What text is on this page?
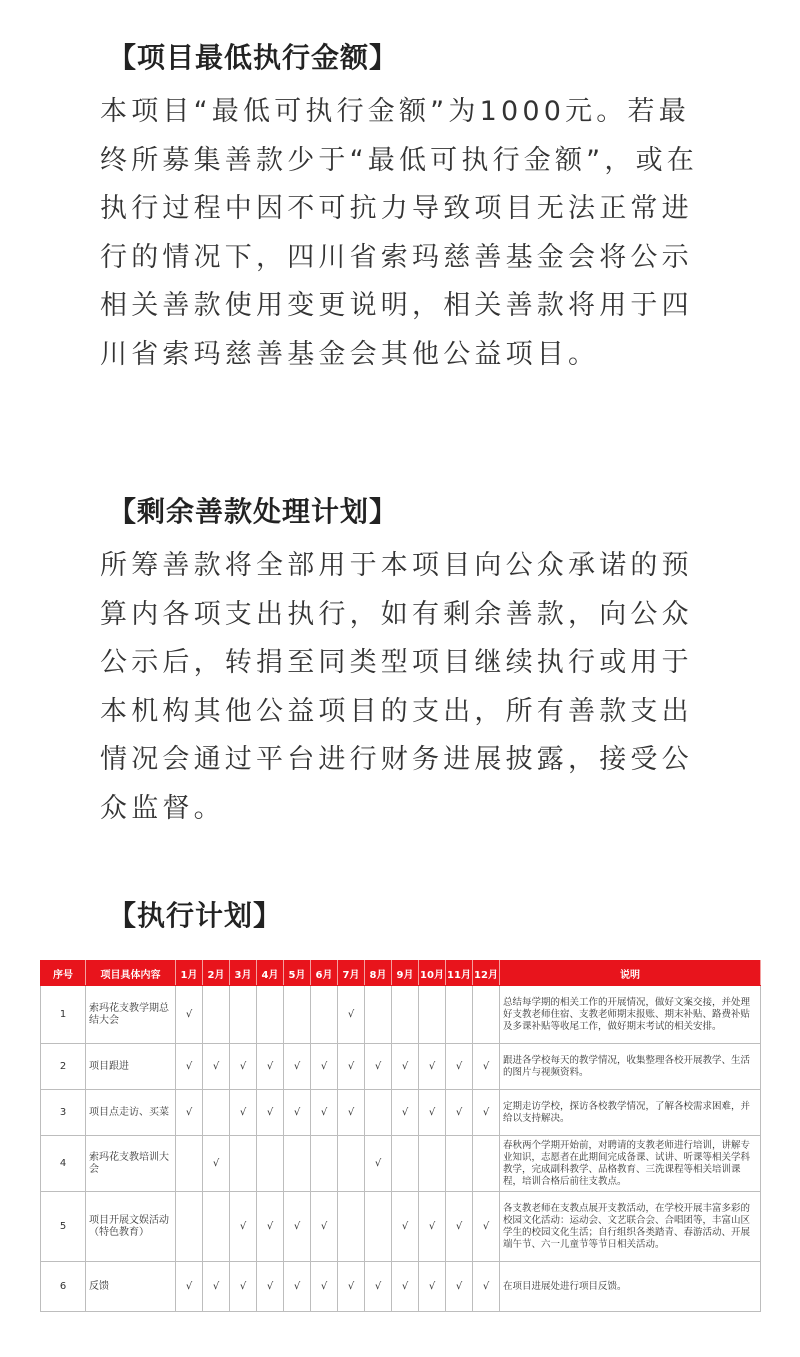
【项目最低执行金额】
本项目“最低可执行金额”为1000元。若最终所募集善款少于“最低可执行金额”，或在执行过程中因不可抗力导致项目无法正常进行的情况下，四川省索玛慈善基金会将公示相关善款使用变更说明，相关善款将用于四川省索玛慈善基金会其他公益项目。
【剩余善款处理计划】
所筹善款将全部用于本项目向公众承诺的预算内各项支出执行，如有剩余善款，向公众公示后，转捐至同类型项目继续执行或用于本机构其他公益项目的支出，所有善款支出情况会通过平台进行财务进展披露，接受公众监督。
【执行计划】
序号	项目具体内容	1月	2月	3月	4月	5月	6月	7月	8月	9月	10月	11月	12月	说明
1	索玛花支教学期总结大会	√						√						总结每学期的相关工作的开展情况，做好文案交接，并处理好支教老师住宿、支教老师期末报账、期末补贴、路费补贴及多课补贴等收尾工作，做好期末考试的相关安排。
2	项目跟进	√	√	√	√	√	√	√	√	√	√	√	√	跟进各学校每天的教学情况，收集整理各校开展教学、生活的图片与视频资料。
3	项目点走访、买菜	√		√	√	√	√	√		√	√	√	√	定期走访学校，探访各校教学情况，了解各校需求困难，并给以支持解决。
4	索玛花支教培训大会		√						√					春秋两个学期开始前，对聘请的支教老师进行培训，讲解专业知识，志愿者在此期间完成备课、试讲、听课等相关学科教学，完成副科教学、品格教育、三洗课程等相关培训课程，培训合格后前往支教点。
5	项目开展文娱活动（特色教育）			√	√	√	√			√	√	√	√	各支教老师在支教点展开支教活动，在学校开展丰富多彩的校园文化活动：运动会、文艺联合会、合唱团等，丰富山区学生的校园文化生活；自行组织各类踏青、春游活动、开展端午节、六一儿童节等节日相关活动。
6	反馈	√	√	√	√	√	√	√	√	√	√	√	√	在项目进展处进行项目反馈。
